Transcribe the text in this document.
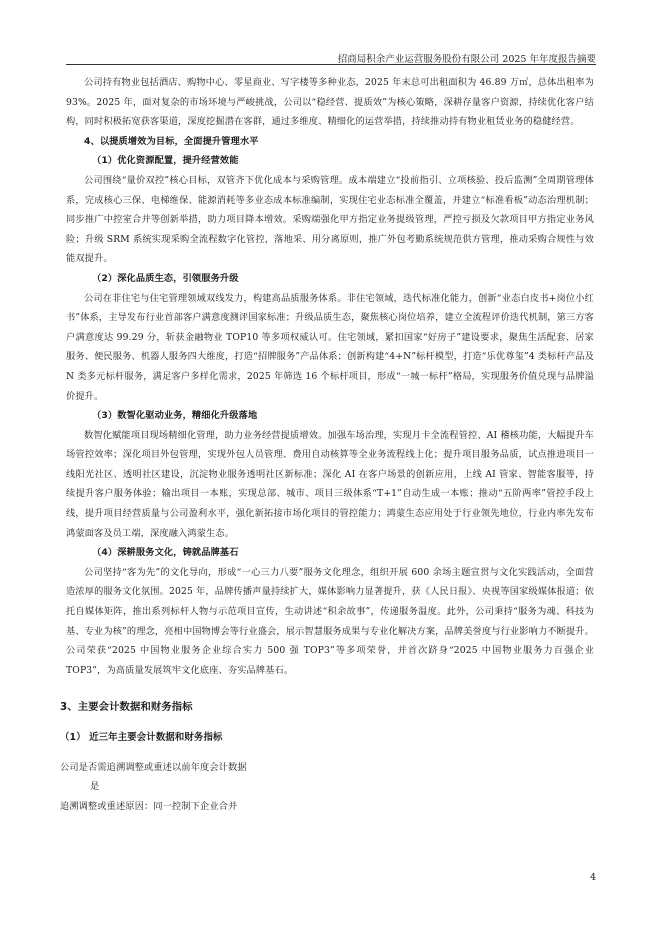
招商局积余产业运营服务股份有限公司 2025 年年度报告摘要

公司持有物业包括酒店、购物中心、零星商业、写字楼等多种业态，2025 年末总可出租面积为 46.89 万㎡，总体出租率为 93%。2025 年，面对复杂的市场环境与严峻挑战，公司以“稳经营、提质效”为核心策略，深耕存量客户资源，持续优化客户结构，同时积极拓宽获客渠道，深度挖掘潜在客群，通过多维度、精细化的运营举措，持续推动持有物业租赁业务的稳健经营。

4、以提质增效为目标，全面提升管理水平

（1）优化资源配置，提升经营效能

公司围绕“量价双控”核心目标，双管齐下优化成本与采购管理。成本端建立“投前指引、立项核验、投后监测”全周期管理体系，完成核心三保、电梯维保、能源消耗等多业态成本标准编制，实现住宅业态标准全覆盖，并建立“标准看板”动态治理机制；同步推广中控室合并等创新举措，助力项目降本增效。采购端强化甲方指定业务提级管理，严控亏损及欠款项目甲方指定业务风险；升级 SRM 系统实现采购全流程数字化管控，落地采、用分离原则，推广外包考勤系统规范供方管理，推动采购合规性与效能双提升。

（2）深化品质生态，引领服务升级

公司在非住宅与住宅管理领域双线发力，构建高品质服务体系。非住宅领域，迭代标准化能力，创新“业态白皮书+岗位小红书”体系，主导发布行业首部客户满意度测评国家标准；升级品质生态，聚焦核心岗位培养，建立全流程评价迭代机制，第三方客户满意度达 99.29 分，斩获金融物业 TOP10 等多项权威认可。住宅领域，紧扣国家“好房子”建设要求，聚焦生活配套、居家服务、便民服务、机器人服务四大维度，打造“招牌服务”产品体系；创新构建“4+N”标杆模型，打造“乐优尊玺”4 类标杆产品及 N 类多元标杆服务，满足客户多样化需求，2025 年筛选 16 个标杆项目，形成“一城一标杆”格局，实现服务价值兑现与品牌溢价提升。

（3）数智化驱动业务，精细化升级落地

数智化赋能项目现场精细化管理，助力业务经营提质增效。加强车场治理，实现月卡全流程管控、AI 稽核功能，大幅提升车场管控效率；深化项目外包管理，实现外包人员管理、费用自动核算等全业务流程线上化；提升项目服务品质，试点推进项目一线阳光社区、透明社区建设，沉淀物业服务透明社区新标准；深化 AI 在客户场景的创新应用，上线 AI 管家、智能客服等，持续提升客户服务体验；输出项目一本账，实现总部、城市、项目三级体系“T+1”自动生成一本账；推动“五阶两率”管控手段上线，提升项目经营质量与公司盈利水平，强化新拓接市场化项目的管控能力；鸿蒙生态应用处于行业领先地位，行业内率先发布鸿蒙面客及员工端，深度融入鸿蒙生态。

（4）深耕服务文化，铸就品牌基石

公司坚持“客为先”的文化导向，形成“一心三力八要”服务文化理念，组织开展 600 余场主题宣贯与文化实践活动，全面营造浓厚的服务文化氛围。2025 年，品牌传播声量持续扩大，媒体影响力显著提升，获《人民日报》、央视等国家级媒体报道；依托自媒体矩阵，推出系列标杆人物与示范项目宣传，生动讲述“积余故事”，传递服务温度。此外，公司秉持“服务为魂、科技为基、专业为核”的理念，亮相中国物博会等行业盛会，展示智慧服务成果与专业化解决方案，品牌美誉度与行业影响力不断提升。公司荣获“2025 中国物业服务企业综合实力 500 强 TOP3”等多项荣誉，并首次跻身“2025 中国物业服务力百强企业 TOP3”，为高质量发展筑牢文化底座、夯实品牌基石。

3、主要会计数据和财务指标

（1） 近三年主要会计数据和财务指标

公司是否需追溯调整或重述以前年度会计数据

是

追溯调整或重述原因：同一控制下企业合并

4
